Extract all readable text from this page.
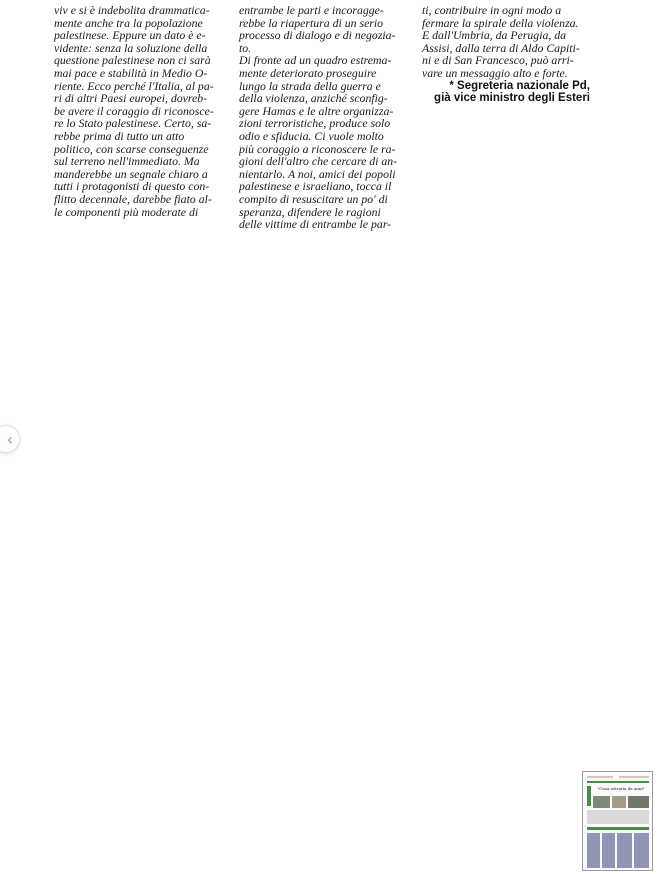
viv e si è indebolita drammatica-

mente anche tra la popolazione

palestinese. Eppure un dato è e-

vidente: senza la soluzione della

questione palestinese non ci sarà

mai pace e stabilità in Medio O-

riente. Ecco perché l'Italia, al pa-

ri di altri Paesi europei, dovreb-

be avere il coraggio di riconosce-

re lo Stato palestinese. Certo, sa-

rebbe prima di tutto un atto

politico, con scarse conseguenze

sul terreno nell'immediato. Ma

manderebbe un segnale chiaro a

tutti i protagonisti di questo con-

flitto decennale, darebbe fiato al-

le componenti più moderate di

entrambe le parti e incoragge-

rebbe la riapertura di un serio

processo di dialogo e di negozia-

to.

Di fronte ad un quadro estrema-

mente deteriorato proseguire

lungo la strada della guerra e

della violenza, anziché sconfig-

gere Hamas e le altre organizza-

zioni terroristiche, produce solo

odio e sfiducia. Ci vuole molto

più coraggio a riconoscere le ra-

gioni dell'altro che cercare di an-

nientarlo. A noi, amici dei popoli

palestinese e israeliano, tocca il

compito di resuscitare un po' di

speranza, difendere le ragioni

delle vittime di entrambe le par-

ti, contribuire in ogni modo a

fermare la spirale della violenza.

E dall'Umbria, da Perugia, da

Assisi, dalla terra di Aldo Capiti-

ni e di San Francesco, può arri-

vare un messaggio alto e forte.

* Segreteria nazionale Pd,

già vice ministro degli Esteri

‹
"Gaza ostruita da anni"
